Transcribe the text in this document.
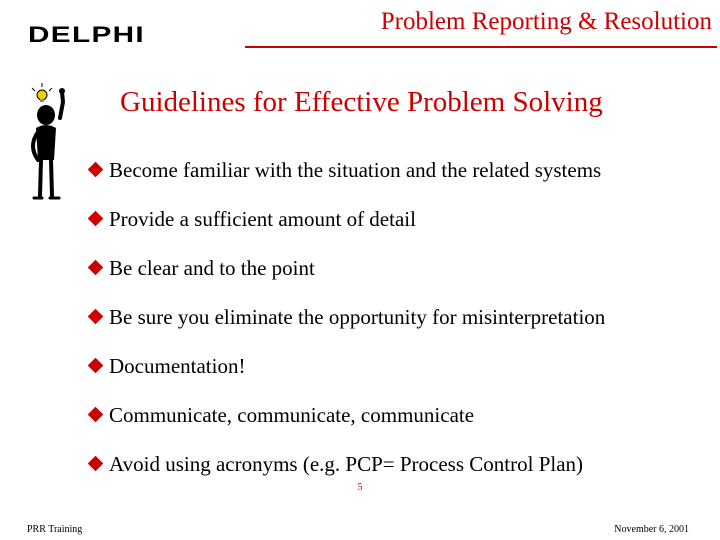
DELPHI	Problem Reporting & Resolution
Guidelines for Effective Problem Solving
Become familiar with the situation and the related systems
Provide a sufficient amount of detail
Be clear and to the point
Be sure you eliminate the opportunity for misinterpretation
Documentation!
Communicate, communicate, communicate
Avoid using acronyms (e.g. PCP= Process Control Plan)
5
PRR Training	November 6, 2001
